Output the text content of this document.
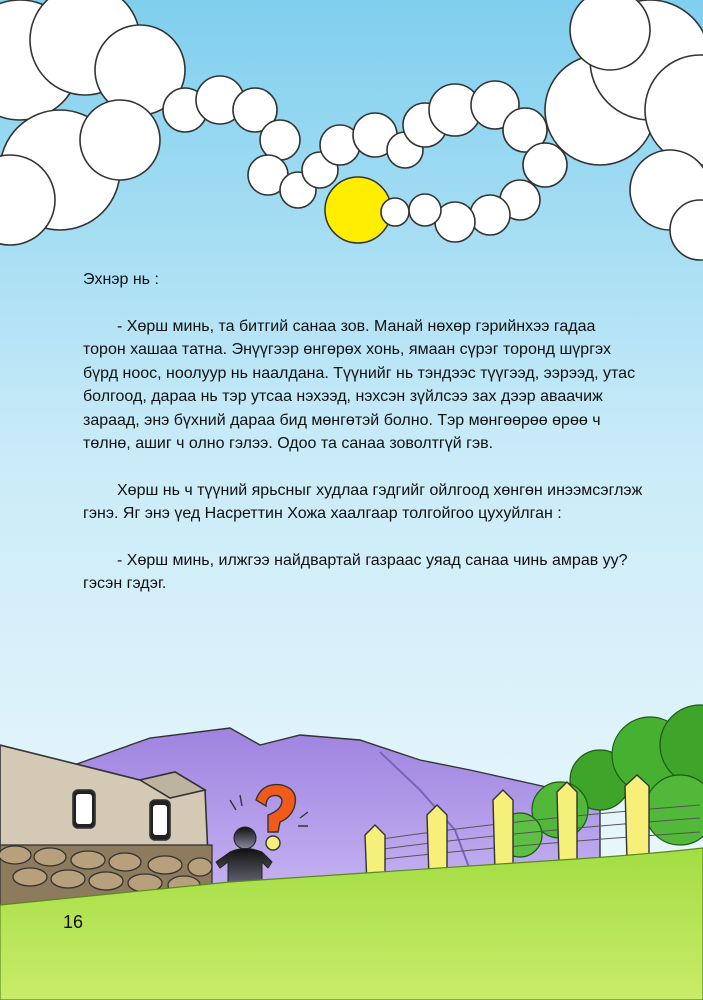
Эхнэр нь :

- Хөрш минь, та битгий санаа зов. Манай нөхөр гэрийнхээ гадаа

торон хашаа татна. Энүүгээр өнгөрөх хонь, ямаан сүрэг торонд шүргэх

бүрд ноос, ноолуур нь наалдана. Түүнийг нь тэндээс түүгээд, ээрээд, утас

болгоод, дараа нь тэр утсаа нэхээд, нэхсэн зүйлсээ зах дээр аваачиж

зараад, энэ бүхний дараа бид мөнгөтэй болно. Тэр мөнгөөрөө өрөө ч

төлнө, ашиг ч олно гэлээ. Одоо та санаа зоволтгүй гэв.

Хөрш нь ч түүний ярьсныг худлаа гэдгийг ойлгоод хөнгөн инээмсэглэж

гэнэ. Яг энэ үед Насреттин Хожа хаалгаар толгойгоо цухуйлган :

- Хөрш минь, илжгээ найдвартай газраас уяад санаа чинь амрав уу?

гэсэн гэдэг.

16
